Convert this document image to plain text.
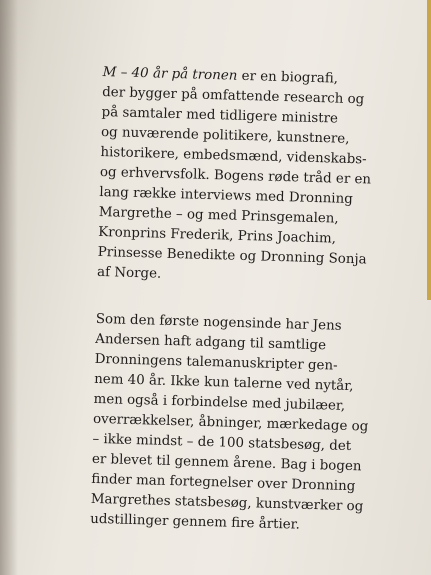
M – 40 år på tronen er en biografi,
der bygger på omfattende research og
på samtaler med tidligere ministre
og nuværende politikere, kunstnere,
historikere, embedsmænd, videnskabs-
og erhvervsfolk. Bogens røde tråd er en
lang række interviews med Dronning
Margrethe – og med Prinsgemalen,
Kronprins Frederik, Prins Joachim,
Prinsesse Benedikte og Dronning Sonja
af Norge.
Som den første nogensinde har Jens
Andersen haft adgang til samtlige
Dronningens talemanuskripter gen-
nem 40 år. Ikke kun talerne ved nytår,
men også i forbindelse med jubilæer,
overrækkelser, åbninger, mærkedage og
– ikke mindst – de 100 statsbesøg, det
er blevet til gennem årene. Bag i bogen
finder man fortegnelser over Dronning
Margrethes statsbesøg, kunstværker og
udstillinger gennem fire årtier.
